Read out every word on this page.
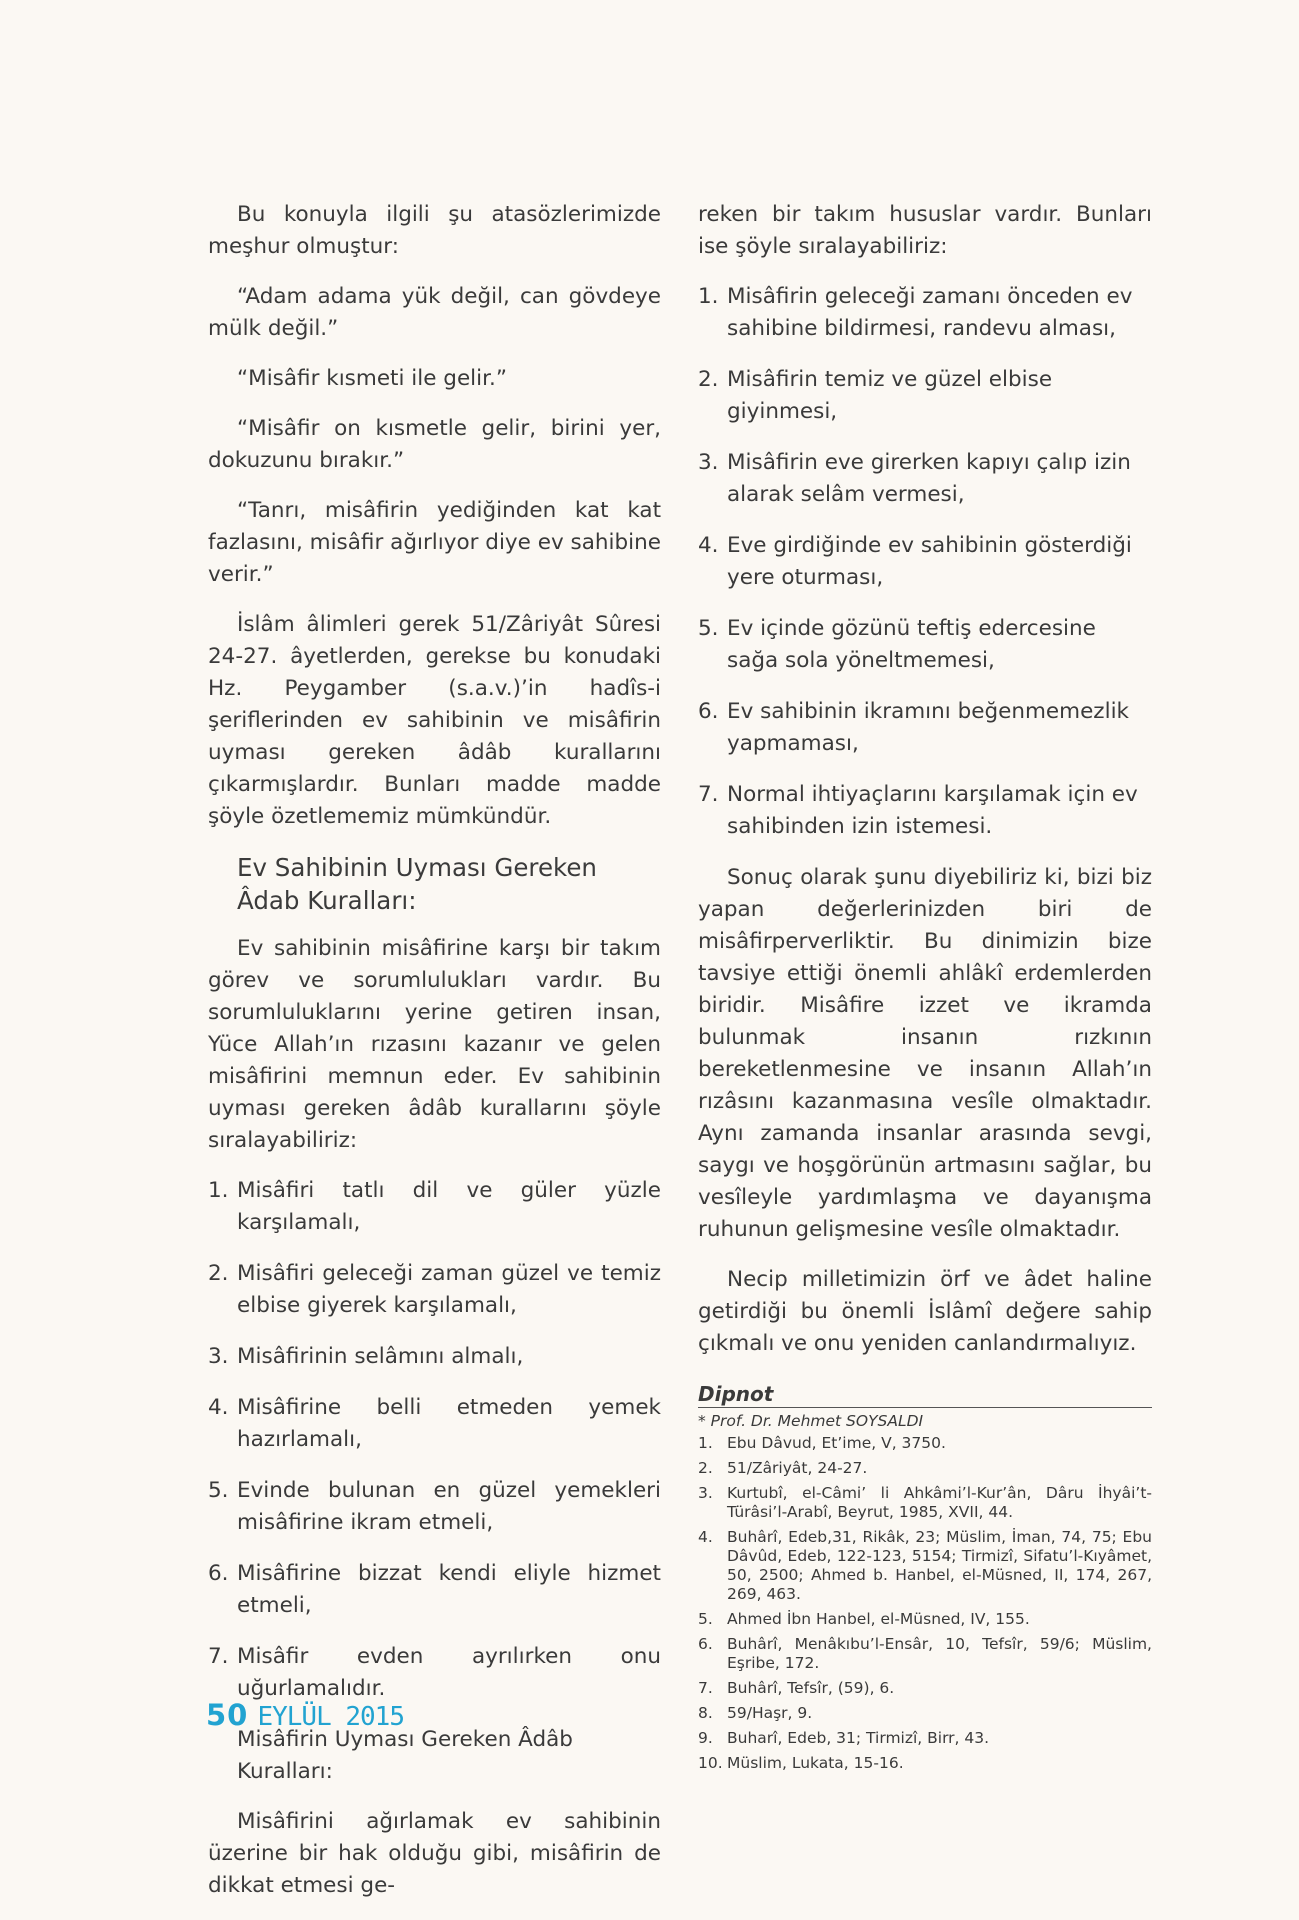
Bu konuyla ilgili şu atasözlerimizde meşhur olmuştur:

“Adam adama yük değil, can gövdeye mülk değil.”

“Misâfir kısmeti ile gelir.”

“Misâfir on kısmetle gelir, birini yer, dokuzunu bırakır.”

“Tanrı, misâfirin yediğinden kat kat fazlasını, misâfir ağırlıyor diye ev sahibine verir.”

İslâm âlimleri gerek 51/Zâriyât Sûresi 24-27. âyetlerden, gerekse bu konudaki Hz. Peygamber (s.a.v.)’in hadîs-i şeriflerinden ev sahibinin ve misâfirin uyması gereken âdâb kurallarını çıkarmışlardır. Bunları madde madde şöyle özetlememiz mümkündür.

Ev Sahibinin Uyması Gereken Âdab Kuralları:

Ev sahibinin misâfirine karşı bir takım görev ve sorumlulukları vardır. Bu sorumluluklarını yerine getiren insan, Yüce Allah’ın rızasını kazanır ve gelen misâfirini memnun eder. Ev sahibinin uyması gereken âdâb kurallarını şöyle sıralayabiliriz:

1. Misâfiri tatlı dil ve güler yüzle karşılamalı,
2. Misâfiri geleceği zaman güzel ve temiz elbise giyerek karşılamalı,
3. Misâfirinin selâmını almalı,
4. Misâfirine belli etmeden yemek hazırlamalı,
5. Evinde bulunan en güzel yemekleri misâfirine ikram etmeli,
6. Misâfirine bizzat kendi eliyle hizmet etmeli,
7. Misâfir evden ayrılırken onu uğurlamalıdır.
Misâfirin Uyması Gereken Âdâb Kuralları:

Misâfirini ağırlamak ev sahibinin üzerine bir hak olduğu gibi, misâfirin de dikkat etmesi ge-

reken bir takım hususlar vardır. Bunları ise şöyle sıralayabiliriz:

1. Misâfirin geleceği zamanı önceden ev sahibine bildirmesi, randevu alması,
2. Misâfirin temiz ve güzel elbise giyinmesi,
3. Misâfirin eve girerken kapıyı çalıp izin alarak selâm vermesi,
4. Eve girdiğinde ev sahibinin gösterdiği yere oturması,
5. Ev içinde gözünü teftiş edercesine sağa sola yöneltmemesi,
6. Ev sahibinin ikramını beğenmemezlik yapmaması,
7. Normal ihtiyaçlarını karşılamak için ev sahibinden izin istemesi.

Sonuç olarak şunu diyebiliriz ki, bizi biz yapan değerlerinizden biri de misâfirperverliktir. Bu dinimizin bize tavsiye ettiği önemli ahlâkî erdemlerden biridir. Misâfire izzet ve ikramda bulunmak insanın rızkının bereketlenmesine ve insanın Allah’ın rızâsını kazanmasına vesîle olmaktadır. Aynı zamanda insanlar arasında sevgi, saygı ve hoşgörünün artmasını sağlar, bu vesîleyle yardımlaşma ve dayanışma ruhunun gelişmesine vesîle olmaktadır.

Necip milletimizin örf ve âdet haline getirdiği bu önemli İslâmî değere sahip çıkmalı ve onu yeniden canlandırmalıyız.

Dipnot
* Prof. Dr. Mehmet SOYSALDI
1. Ebu Dâvud, Et’ime, V, 3750.
2. 51/Zâriyât, 24-27.
3. Kurtubî, el-Câmi’ li Ahkâmi’l-Kur’ân, Dâru İhyâi’t-Türâsi’l-Arabî, Beyrut, 1985, XVII, 44.
4. Buhârî, Edeb,31, Rikâk, 23; Müslim, İman, 74, 75; Ebu Dâvûd, Edeb, 122-123, 5154; Tirmizî, Sifatu’l-Kıyâmet, 50, 2500; Ahmed b. Hanbel, el-Müsned, II, 174, 267, 269, 463.
5. Ahmed İbn Hanbel, el-Müsned, IV, 155.
6. Buhârî, Menâkıbu’l-Ensâr, 10, Tefsîr, 59/6; Müslim, Eşribe, 172.
7. Buhârî, Tefsîr, (59), 6.
8. 59/Haşr, 9.
9. Buharî, Edeb, 31; Tirmizî, Birr, 43.
10. Müslim, Lukata, 15-16.
50 EYLÜL 2015
